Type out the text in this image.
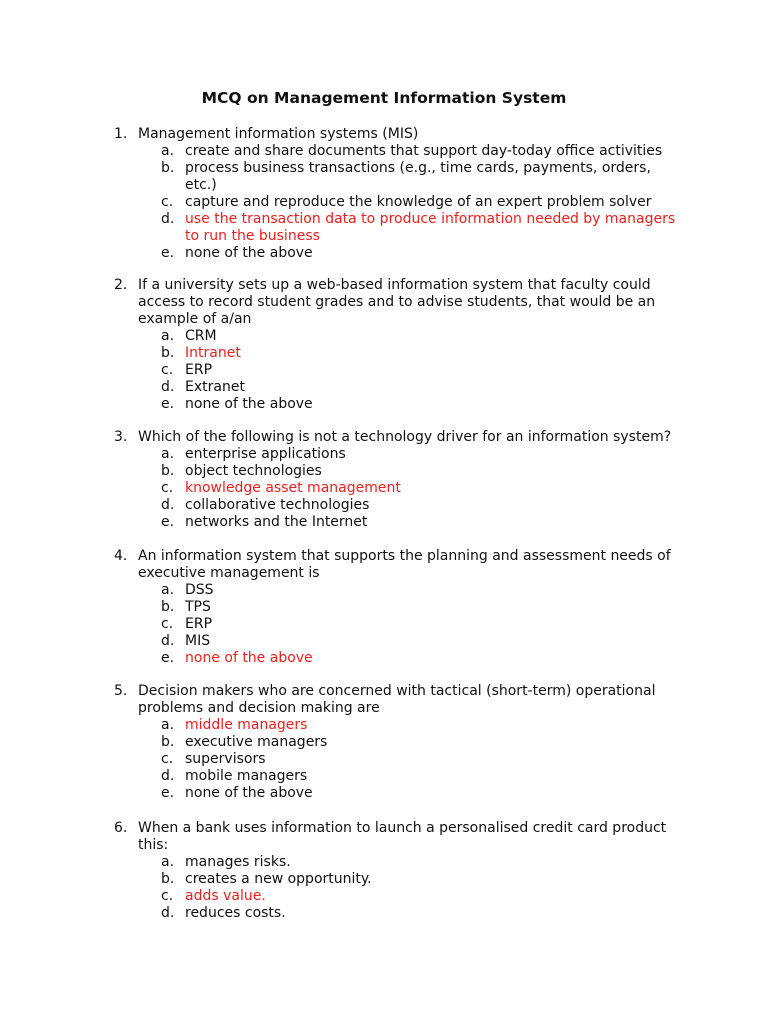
MCQ on Management Information System
1. Management information systems (MIS)
a. create and share documents that support day-today office activities
b. process business transactions (e.g., time cards, payments, orders, etc.)
c. capture and reproduce the knowledge of an expert problem solver
d. use the transaction data to produce information needed by managers to run the business
e. none of the above
2. If a university sets up a web-based information system that faculty could access to record student grades and to advise students, that would be an example of a/an
a. CRM
b. Intranet
c. ERP
d. Extranet
e. none of the above
3. Which of the following is not a technology driver for an information system?
a. enterprise applications
b. object technologies
c. knowledge asset management
d. collaborative technologies
e. networks and the Internet
4. An information system that supports the planning and assessment needs of executive management is
a. DSS
b. TPS
c. ERP
d. MIS
e. none of the above
5. Decision makers who are concerned with tactical (short-term) operational problems and decision making are
a. middle managers
b. executive managers
c. supervisors
d. mobile managers
e. none of the above
6. When a bank uses information to launch a personalised credit card product this:
a. manages risks.
b. creates a new opportunity.
c. adds value.
d. reduces costs.
